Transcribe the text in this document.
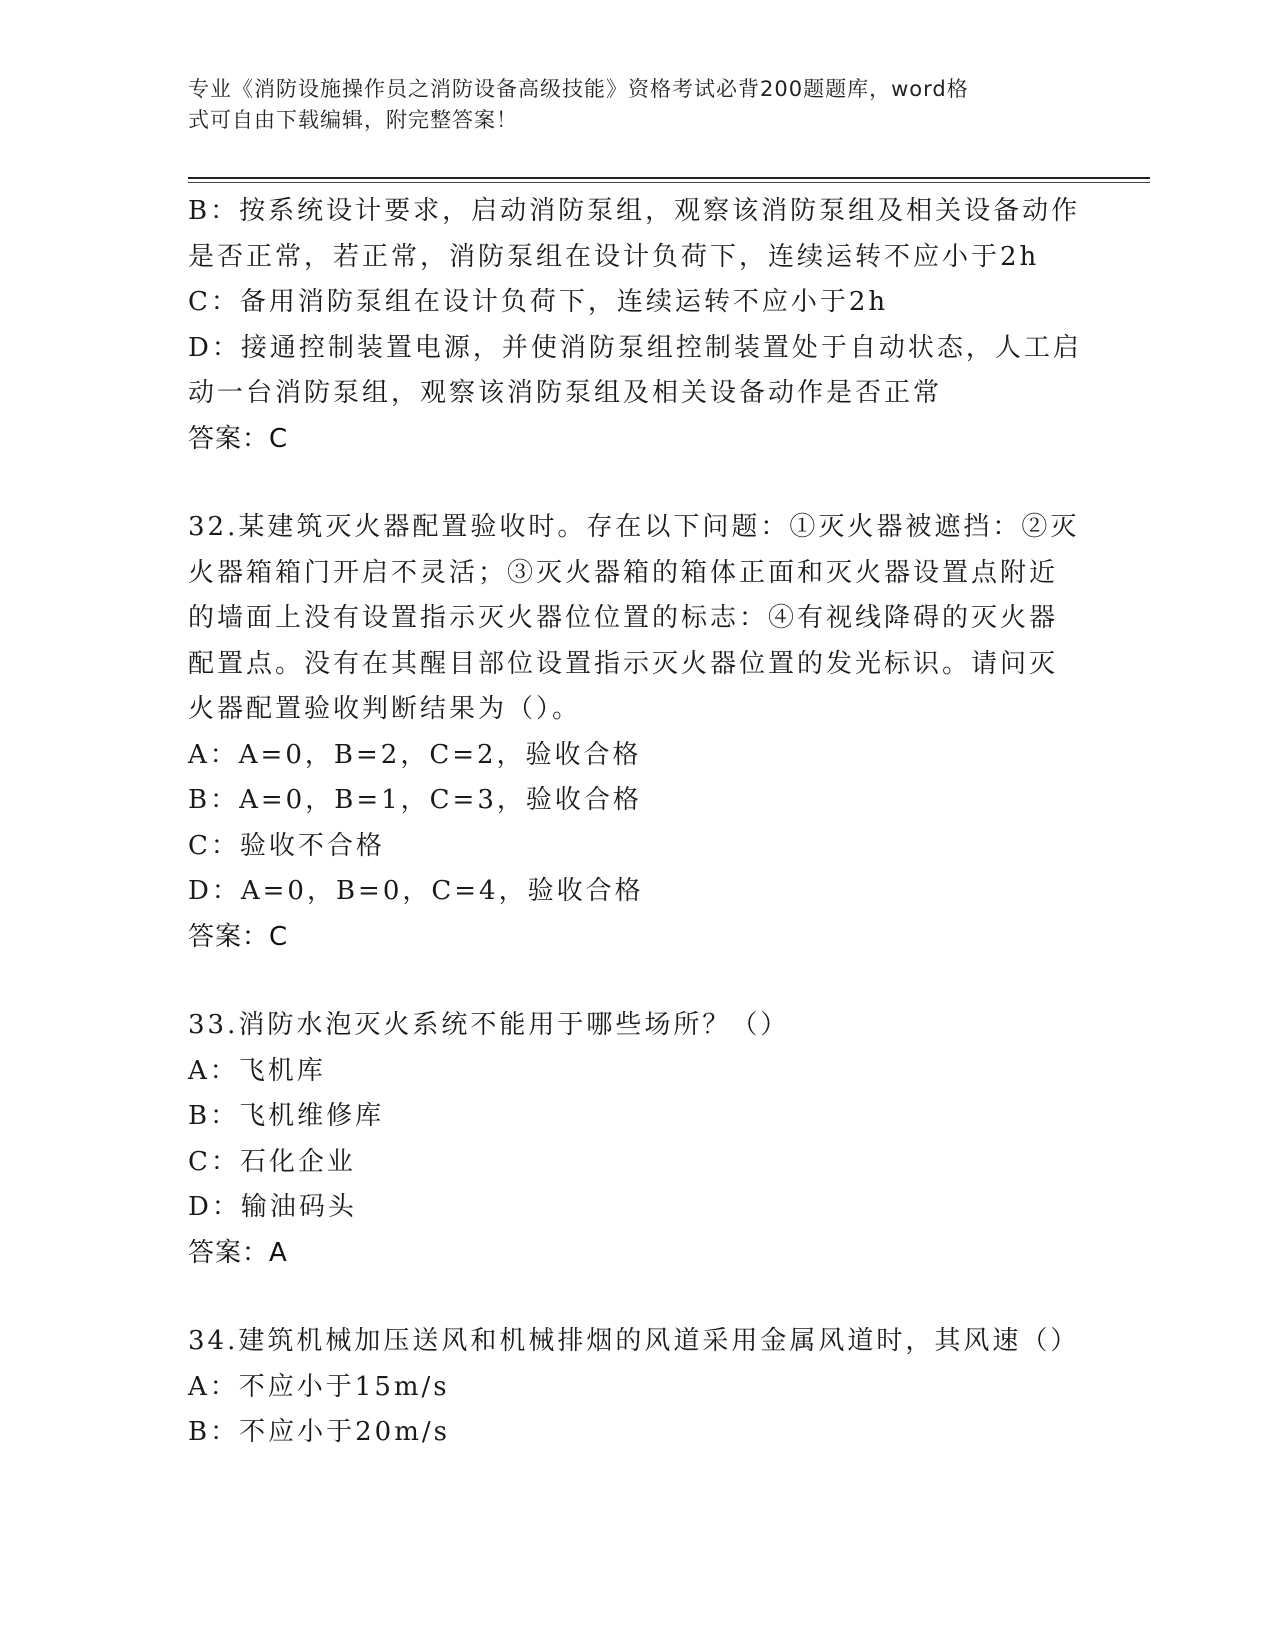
专业《消防设施操作员之消防设备高级技能》资格考试必背200题题库，word格
式可自由下载编辑，附完整答案！
B：按系统设计要求，启动消防泵组，观察该消防泵组及相关设备动作
是否正常，若正常，消防泵组在设计负荷下，连续运转不应小于2h
C：备用消防泵组在设计负荷下，连续运转不应小于2h
D：接通控制装置电源，并使消防泵组控制装置处于自动状态，人工启
动一台消防泵组，观察该消防泵组及相关设备动作是否正常
答案：C
32.某建筑灭火器配置验收时。存在以下问题：①灭火器被遮挡：②灭
火器箱箱门开启不灵活；③灭火器箱的箱体正面和灭火器设置点附近
的墙面上没有设置指示灭火器位位置的标志：④有视线降碍的灭火器
配置点。没有在其醒目部位设置指示灭火器位置的发光标识。请问灭
火器配置验收判断结果为（）。
A：A=0，B=2，C=2，验收合格
B：A=0，B=1，C=3，验收合格
C：验收不合格
D：A=0，B=0，C=4，验收合格
答案：C
33.消防水泡灭火系统不能用于哪些场所？（）
A：飞机库
B：飞机维修库
C：石化企业
D：输油码头
答案：A
34.建筑机械加压送风和机械排烟的风道采用金属风道时，其风速（）
A：不应小于15m/s
B：不应小于20m/s
